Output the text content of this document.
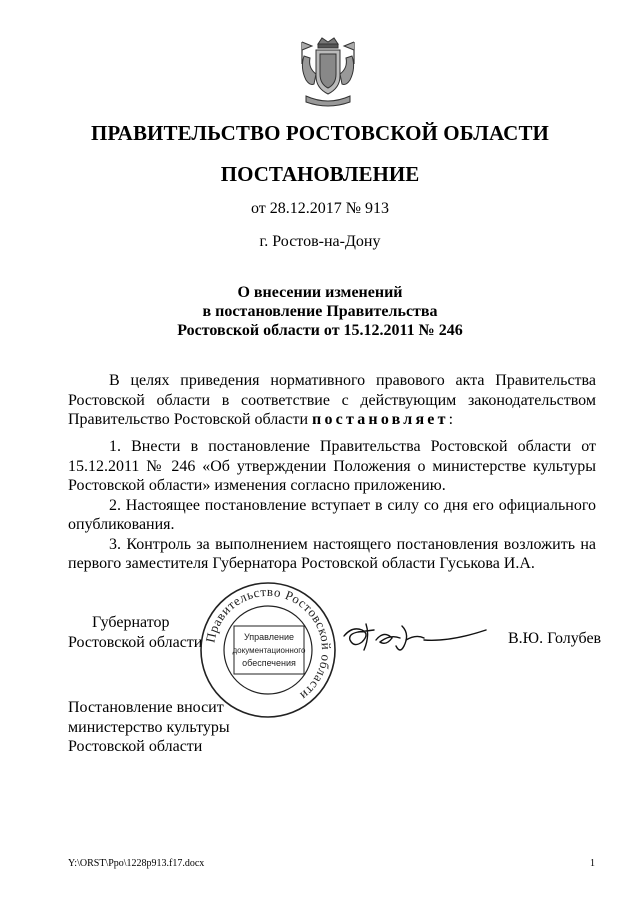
ПРАВИТЕЛЬСТВО РОСТОВСКОЙ ОБЛАСТИ
ПОСТАНОВЛЕНИЕ
от 28.12.2017 № 913
г. Ростов-на-Дону
О внесении изменений
в постановление Правительства
Ростовской области от 15.12.2011 № 246
В целях приведения нормативного правового акта Правительства
Ростовской области в соответствие с действующим законодательством
Правительство Ростовской области постановляет:

1. Внести в постановление Правительства Ростовской области от 15.12.2011 № 246 «Об утверждении Положения о министерстве культуры Ростовской области» изменения согласно приложению.

2. Настоящее постановление вступает в силу со дня его официального опубликования.

3. Контроль за выполнением настоящего постановления возложить на первого заместителя Губернатора Ростовской области Гуськова И.А.

Губернатор
Ростовской области Правительство Ростовской области
Управление
документационного
обеспечения
В.Ю. Голубев
Постановление вносит
министерство культуры
Ростовской области
Y:\ORST\Ppo\1228p913.f17.docx	1
